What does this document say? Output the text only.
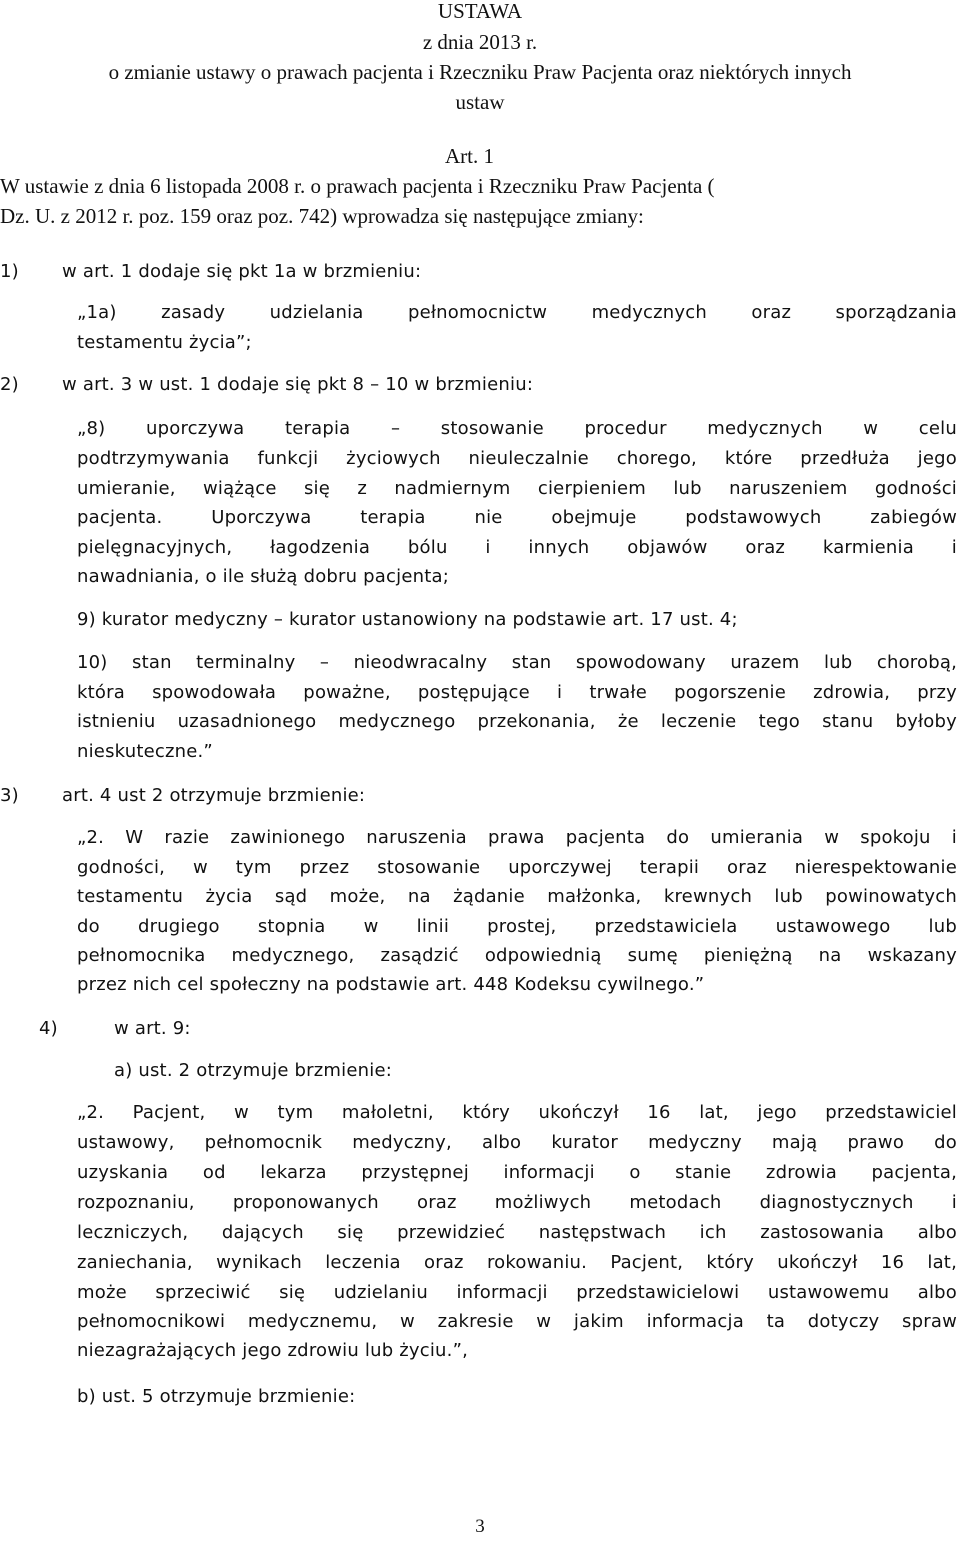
USTAWA
z dnia 2013 r.
o zmianie ustawy o prawach pacjenta i Rzeczniku Praw Pacjenta oraz niektórych innych
ustaw
Art. 1
W ustawie z dnia 6 listopada 2008 r. o prawach pacjenta i Rzeczniku Praw Pacjenta (
Dz. U. z 2012 r. poz. 159 oraz poz. 742) wprowadza się następujące zmiany:
1) w art. 1 dodaje się pkt 1a w brzmieniu:
„1a) zasady udzielania pełnomocnictw medycznych oraz sporządzania
testamentu życia”;
2) w art. 3 w ust. 1 dodaje się pkt 8 – 10 w brzmieniu:
„8) uporczywa terapia – stosowanie procedur medycznych w celu
podtrzymywania funkcji życiowych nieuleczalnie chorego, które przedłuża jego
umieranie, wiążące się z nadmiernym cierpieniem lub naruszeniem godności
pacjenta. Uporczywa terapia nie obejmuje podstawowych zabiegów
pielęgnacyjnych, łagodzenia bólu i innych objawów oraz karmienia i
nawadniania, o ile służą dobru pacjenta;
9) kurator medyczny – kurator ustanowiony na podstawie art. 17 ust. 4;
10) stan terminalny – nieodwracalny stan spowodowany urazem lub chorobą,
która spowodowała poważne, postępujące i trwałe pogorszenie zdrowia, przy
istnieniu uzasadnionego medycznego przekonania, że leczenie tego stanu byłoby
nieskuteczne.”
3) art. 4 ust 2 otrzymuje brzmienie:
„2. W razie zawinionego naruszenia prawa pacjenta do umierania w spokoju i
godności, w tym przez stosowanie uporczywej terapii oraz nierespektowanie
testamentu życia sąd może, na żądanie małżonka, krewnych lub powinowatych
do drugiego stopnia w linii prostej, przedstawiciela ustawowego lub
pełnomocnika medycznego, zasądzić odpowiednią sumę pieniężną na wskazany
przez nich cel społeczny na podstawie art. 448 Kodeksu cywilnego.”
4)	w art. 9:
a) ust. 2 otrzymuje brzmienie:
„2. Pacjent, w tym małoletni, który ukończył 16 lat, jego przedstawiciel
ustawowy, pełnomocnik medyczny, albo kurator medyczny mają prawo do
uzyskania od lekarza przystępnej informacji o stanie zdrowia pacjenta,
rozpoznaniu, proponowanych oraz możliwych metodach diagnostycznych i
leczniczych, dających się przewidzieć następstwach ich zastosowania albo
zaniechania, wynikach leczenia oraz rokowaniu. Pacjent, który ukończył 16 lat,
może sprzeciwić się udzielaniu informacji przedstawicielowi ustawowemu albo
pełnomocnikowi medycznemu, w zakresie w jakim informacja ta dotyczy spraw
niezagrażających jego zdrowiu lub życiu.”,
b) ust. 5 otrzymuje brzmienie:
3
